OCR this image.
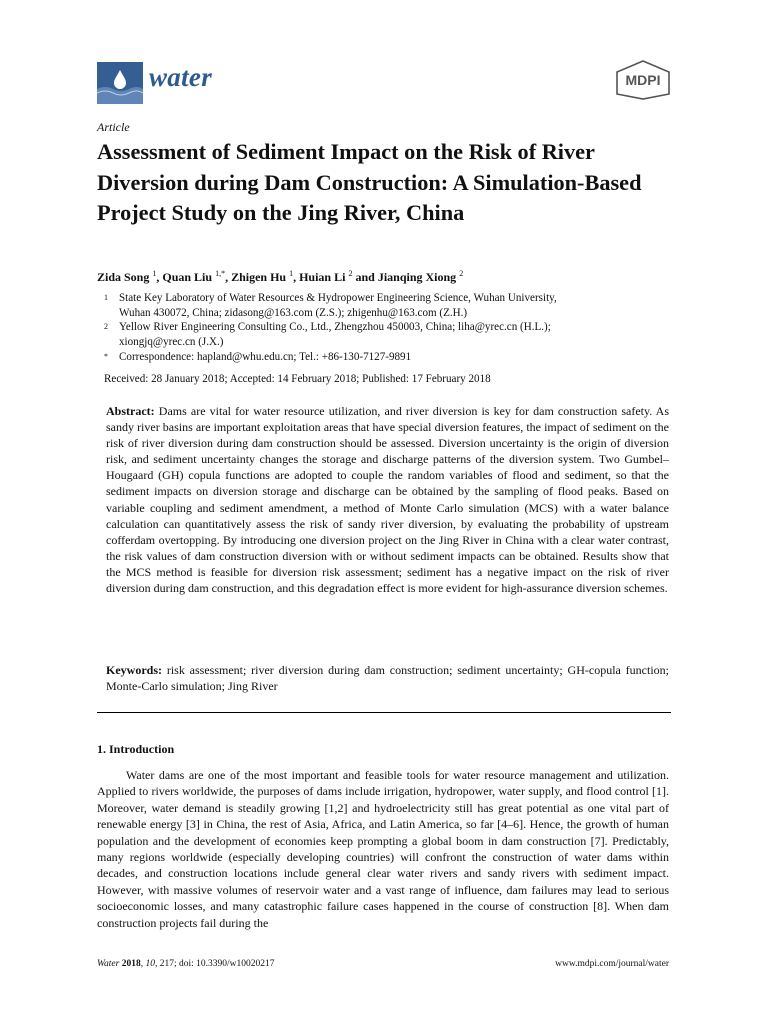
water	MDPI
Article
Assessment of Sediment Impact on the Risk of River Diversion during Dam Construction: A Simulation-Based Project Study on the Jing River, China
Zida Song $^1$, Quan Liu $^{1,*}$, Zhigen Hu $^1$, Huian Li $^2$ and Jianqing Xiong $^2$
1 State Key Laboratory of Water Resources & Hydropower Engineering Science, Wuhan University,
Wuhan 430072, China; zidasong@163.com (Z.S.); zhigenhu@163.com (Z.H.)
2 Yellow River Engineering Consulting Co., Ltd., Zhengzhou 450003, China; liha@yrec.cn (H.L.);
xiongjq@yrec.cn (J.X.)
* Correspondence: hapland@whu.edu.cn; Tel.: +86-130-7127-9891
Received: 28 January 2018; Accepted: 14 February 2018; Published: 17 February 2018

Abstract: Dams are vital for water resource utilization, and river diversion is key for dam construction safety. As sandy river basins are important exploitation areas that have special diversion features, the impact of sediment on the risk of river diversion during dam construction should be assessed. Diversion uncertainty is the origin of diversion risk, and sediment uncertainty changes the storage and discharge patterns of the diversion system. Two Gumbel–Hougaard (GH) copula functions are adopted to couple the random variables of flood and sediment, so that the sediment impacts on diversion storage and discharge can be obtained by the sampling of flood peaks. Based on variable coupling and sediment amendment, a method of Monte Carlo simulation (MCS) with a water balance calculation can quantitatively assess the risk of sandy river diversion, by evaluating the probability of upstream cofferdam overtopping. By introducing one diversion project on the Jing River in China with a clear water contrast, the risk values of dam construction diversion with or without sediment impacts can be obtained. Results show that the MCS method is feasible for diversion risk assessment; sediment has a negative impact on the risk of river diversion during dam construction, and this degradation effect is more evident for high-assurance diversion schemes.

Keywords: risk assessment; river diversion during dam construction; sediment uncertainty; GH-copula function; Monte-Carlo simulation; Jing River

1. Introduction

Water dams are one of the most important and feasible tools for water resource management and utilization. Applied to rivers worldwide, the purposes of dams include irrigation, hydropower, water supply, and flood control [1]. Moreover, water demand is steadily growing [1,2] and hydroelectricity still has great potential as one vital part of renewable energy [3] in China, the rest of Asia, Africa, and Latin America, so far [4–6]. Hence, the growth of human population and the development of economies keep prompting a global boom in dam construction [7]. Predictably, many regions worldwide (especially developing countries) will confront the construction of water dams within decades, and construction locations include general clear water rivers and sandy rivers with sediment impact. However, with massive volumes of reservoir water and a vast range of influence, dam failures may lead to serious socioeconomic losses, and many catastrophic failure cases happened in the course of construction [8]. When dam construction projects fail during the

Water 2018, 10, 217; doi: 10.3390/w10020217	www.mdpi.com/journal/water
